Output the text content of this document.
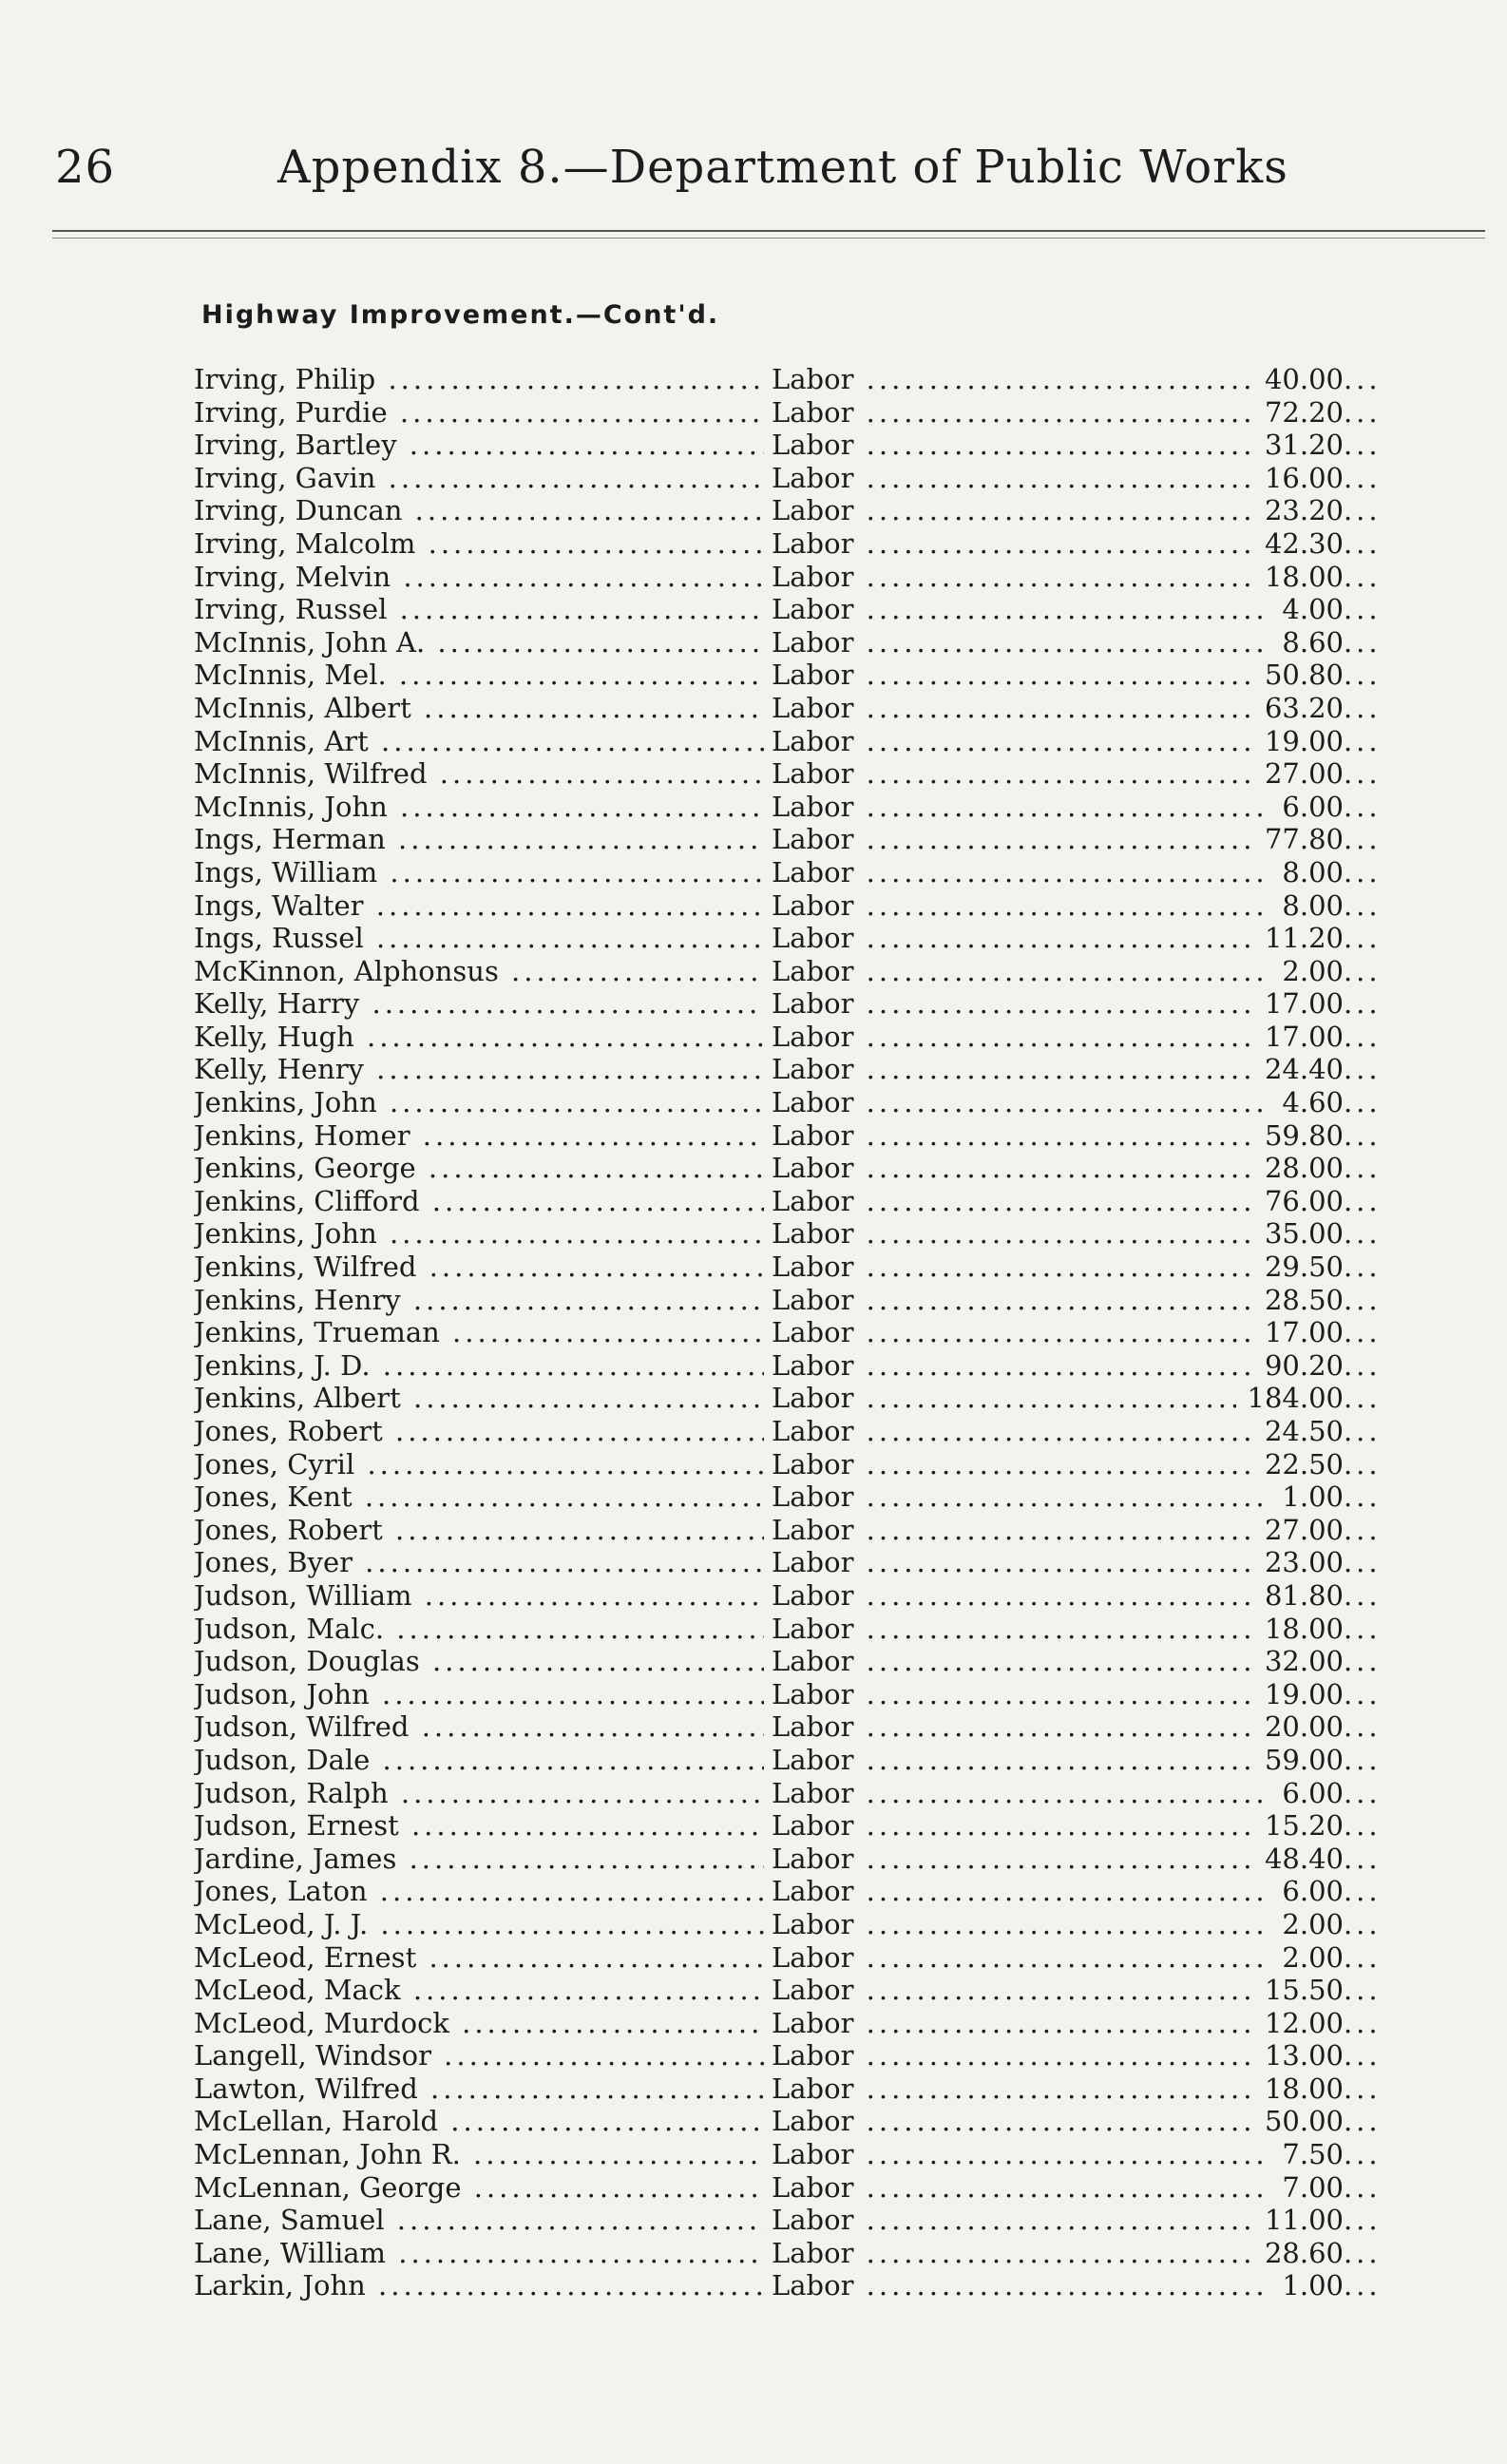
26	Appendix 8.—Department of Public Works
Highway Improvement.—Cont'd.
Irving, Philip .....	Labor .....	40.00
Irving, Purdie .....	Labor .....	72.20
Irving, Bartley .....	Labor .....	31.20
Irving, Gavin .....	Labor .....	16.00
Irving, Duncan .....	Labor .....	23.20
Irving, Malcolm .....	Labor .....	42.30
Irving, Melvin .....	Labor .....	18.00
Irving, Russel .....	Labor .....	4.00
McInnis, John A. .....	Labor .....	8.60
McInnis, Mel. .....	Labor .....	50.80
McInnis, Albert .....	Labor .....	63.20
McInnis, Art .....	Labor .....	19.00
McInnis, Wilfred .....	Labor .....	27.00
McInnis, John .....	Labor .....	6.00
Ings, Herman .....	Labor .....	77.80
Ings, William .....	Labor .....	8.00
Ings, Walter .....	Labor .....	8.00
Ings, Russel .....	Labor .....	11.20
McKinnon, Alphonsus .....	Labor .....	2.00
Kelly, Harry .....	Labor .....	17.00
Kelly, Hugh .....	Labor .....	17.00
Kelly, Henry .....	Labor .....	24.40
Jenkins, John .....	Labor .....	4.60
Jenkins, Homer .....	Labor .....	59.80
Jenkins, George .....	Labor .....	28.00
Jenkins, Clifford .....	Labor .....	76.00
Jenkins, John .....	Labor .....	35.00
Jenkins, Wilfred .....	Labor .....	29.50
Jenkins, Henry .....	Labor .....	28.50
Jenkins, Trueman .....	Labor .....	17.00
Jenkins, J. D. .....	Labor .....	90.20
Jenkins, Albert .....	Labor .....	184.00
Jones, Robert .....	Labor .....	24.50
Jones, Cyril .....	Labor .....	22.50
Jones, Kent .....	Labor .....	1.00
Jones, Robert .....	Labor .....	27.00
Jones, Byer .....	Labor .....	23.00
Judson, William .....	Labor .....	81.80
Judson, Malc. .....	Labor .....	18.00
Judson, Douglas .....	Labor .....	32.00
Judson, John .....	Labor .....	19.00
Judson, Wilfred .....	Labor .....	20.00
Judson, Dale .....	Labor .....	59.00
Judson, Ralph .....	Labor .....	6.00
Judson, Ernest .....	Labor .....	15.20
Jardine, James .....	Labor .....	48.40
Jones, Laton .....	Labor .....	6.00
McLeod, J. J. .....	Labor .....	2.00
McLeod, Ernest .....	Labor .....	2.00
McLeod, Mack .....	Labor .....	15.50
McLeod, Murdock .....	Labor .....	12.00
Langell, Windsor .....	Labor .....	13.00
Lawton, Wilfred .....	Labor .....	18.00
McLellan, Harold .....	Labor .....	50.00
McLennan, John R. .....	Labor .....	7.50
McLennan, George .....	Labor .....	7.00
Lane, Samuel .....	Labor .....	11.00
Lane, William .....	Labor .....	28.60
Larkin, John .....	Labor .....	1.00
